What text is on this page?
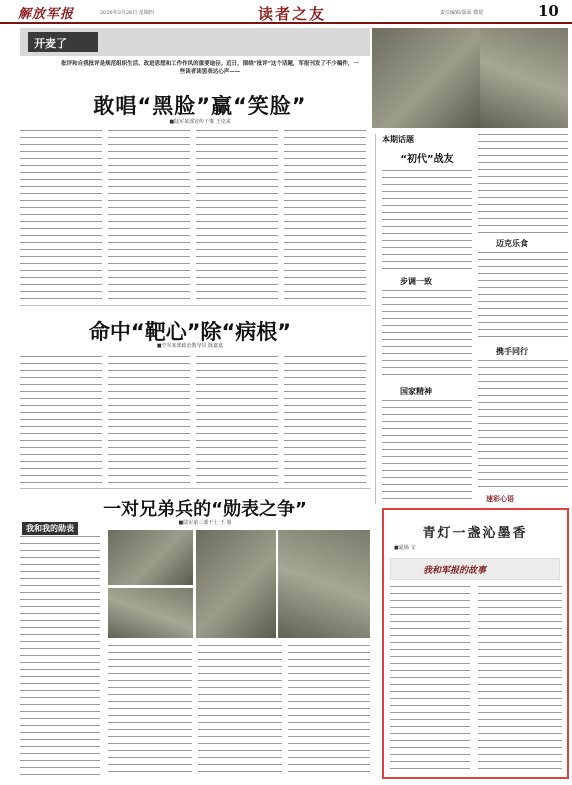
解放军报	2026年3月26日 星期四	读者之友	责任编辑/版面 敬贤	10
开麦了
批评和自我批评是规范组织生活、改进思想和工作作风的重要途径。近日，围绕“批评”这个话题，军报刊发了不少稿件，一些读者读罢表达心声——
敢唱“黑脸”赢“笑脸”
■陆军某部宣传干事 王克来
命中“靶心”除“病根”
■空军某部政治教导员 陈嘉嘉
一对兄弟兵的“勋表之争”
■陆军第三部干士 王 睿
我和我的勋表
本期话题
“初代”战友
步调一致
国家精神
迈克乐食
携手同行
速彩心语
青灯一盏沁墨香
■晁嫣 文
我和军报的故事
